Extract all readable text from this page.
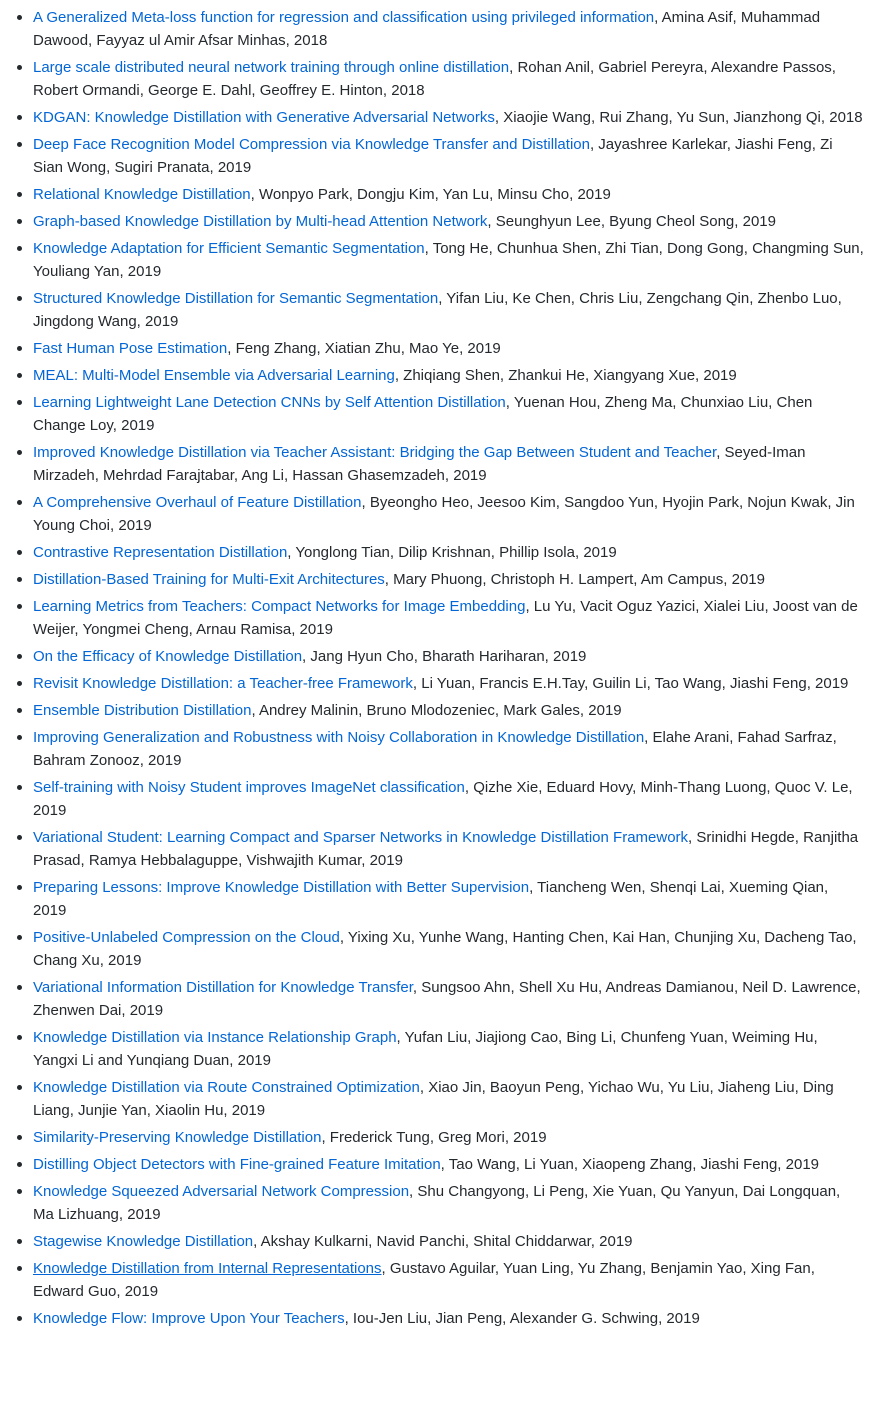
A Generalized Meta-loss function for regression and classification using privileged information, Amina Asif, Muhammad Dawood, Fayyaz ul Amir Afsar Minhas, 2018
Large scale distributed neural network training through online distillation, Rohan Anil, Gabriel Pereyra, Alexandre Passos, Robert Ormandi, George E. Dahl, Geoffrey E. Hinton, 2018
KDGAN: Knowledge Distillation with Generative Adversarial Networks, Xiaojie Wang, Rui Zhang, Yu Sun, Jianzhong Qi, 2018
Deep Face Recognition Model Compression via Knowledge Transfer and Distillation, Jayashree Karlekar, Jiashi Feng, Zi Sian Wong, Sugiri Pranata, 2019
Relational Knowledge Distillation, Wonpyo Park, Dongju Kim, Yan Lu, Minsu Cho, 2019
Graph-based Knowledge Distillation by Multi-head Attention Network, Seunghyun Lee, Byung Cheol Song, 2019
Knowledge Adaptation for Efficient Semantic Segmentation, Tong He, Chunhua Shen, Zhi Tian, Dong Gong, Changming Sun, Youliang Yan, 2019
Structured Knowledge Distillation for Semantic Segmentation, Yifan Liu, Ke Chen, Chris Liu, Zengchang Qin, Zhenbo Luo, Jingdong Wang, 2019
Fast Human Pose Estimation, Feng Zhang, Xiatian Zhu, Mao Ye, 2019
MEAL: Multi-Model Ensemble via Adversarial Learning, Zhiqiang Shen, Zhankui He, Xiangyang Xue, 2019
Learning Lightweight Lane Detection CNNs by Self Attention Distillation, Yuenan Hou, Zheng Ma, Chunxiao Liu, Chen Change Loy, 2019
Improved Knowledge Distillation via Teacher Assistant: Bridging the Gap Between Student and Teacher, Seyed-Iman Mirzadeh, Mehrdad Farajtabar, Ang Li, Hassan Ghasemzadeh, 2019
A Comprehensive Overhaul of Feature Distillation, Byeongho Heo, Jeesoo Kim, Sangdoo Yun, Hyojin Park, Nojun Kwak, Jin Young Choi, 2019
Contrastive Representation Distillation, Yonglong Tian, Dilip Krishnan, Phillip Isola, 2019
Distillation-Based Training for Multi-Exit Architectures, Mary Phuong, Christoph H. Lampert, Am Campus, 2019
Learning Metrics from Teachers: Compact Networks for Image Embedding, Lu Yu, Vacit Oguz Yazici, Xialei Liu, Joost van de Weijer, Yongmei Cheng, Arnau Ramisa, 2019
On the Efficacy of Knowledge Distillation, Jang Hyun Cho, Bharath Hariharan, 2019
Revisit Knowledge Distillation: a Teacher-free Framework, Li Yuan, Francis E.H.Tay, Guilin Li, Tao Wang, Jiashi Feng, 2019
Ensemble Distribution Distillation, Andrey Malinin, Bruno Mlodozeniec, Mark Gales, 2019
Improving Generalization and Robustness with Noisy Collaboration in Knowledge Distillation, Elahe Arani, Fahad Sarfraz, Bahram Zonooz, 2019
Self-training with Noisy Student improves ImageNet classification, Qizhe Xie, Eduard Hovy, Minh-Thang Luong, Quoc V. Le, 2019
Variational Student: Learning Compact and Sparser Networks in Knowledge Distillation Framework, Srinidhi Hegde, Ranjitha Prasad, Ramya Hebbalaguppe, Vishwajith Kumar, 2019
Preparing Lessons: Improve Knowledge Distillation with Better Supervision, Tiancheng Wen, Shenqi Lai, Xueming Qian, 2019
Positive-Unlabeled Compression on the Cloud, Yixing Xu, Yunhe Wang, Hanting Chen, Kai Han, Chunjing Xu, Dacheng Tao, Chang Xu, 2019
Variational Information Distillation for Knowledge Transfer, Sungsoo Ahn, Shell Xu Hu, Andreas Damianou, Neil D. Lawrence, Zhenwen Dai, 2019
Knowledge Distillation via Instance Relationship Graph, Yufan Liu, Jiajiong Cao, Bing Li, Chunfeng Yuan, Weiming Hu, Yangxi Li and Yunqiang Duan, 2019
Knowledge Distillation via Route Constrained Optimization, Xiao Jin, Baoyun Peng, Yichao Wu, Yu Liu, Jiaheng Liu, Ding Liang, Junjie Yan, Xiaolin Hu, 2019
Similarity-Preserving Knowledge Distillation, Frederick Tung, Greg Mori, 2019
Distilling Object Detectors with Fine-grained Feature Imitation, Tao Wang, Li Yuan, Xiaopeng Zhang, Jiashi Feng, 2019
Knowledge Squeezed Adversarial Network Compression, Shu Changyong, Li Peng, Xie Yuan, Qu Yanyun, Dai Longquan, Ma Lizhuang, 2019
Stagewise Knowledge Distillation, Akshay Kulkarni, Navid Panchi, Shital Chiddarwar, 2019
Knowledge Distillation from Internal Representations, Gustavo Aguilar, Yuan Ling, Yu Zhang, Benjamin Yao, Xing Fan, Edward Guo, 2019
Knowledge Flow: Improve Upon Your Teachers, Iou-Jen Liu, Jian Peng, Alexander G. Schwing, 2019
